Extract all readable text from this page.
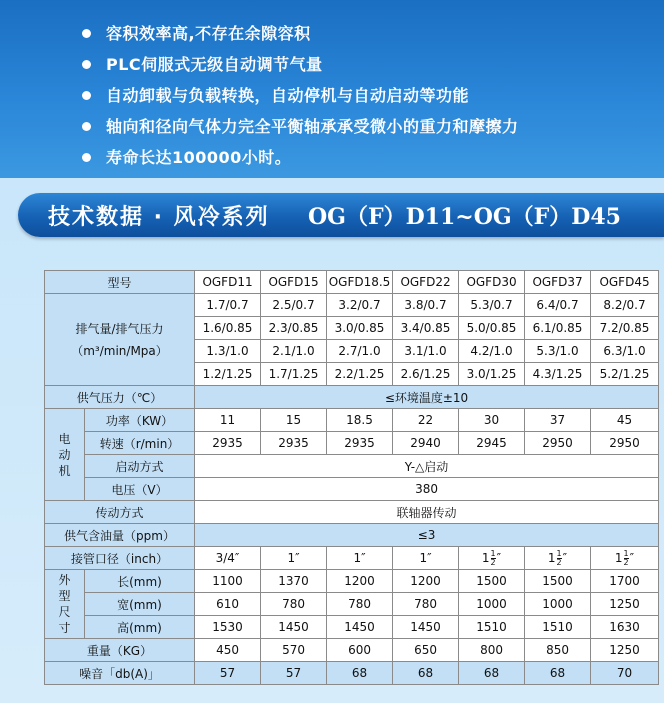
容积效率高,不存在余隙容积
PLC伺服式无级自动调节气量
自动卸载与负载转换，自动停机与自动启动等功能
轴向和径向气体力完全平衡轴承承受微小的重力和摩擦力
寿命长达100000小时。
技术数据 · 风冷系列 OG（F）D11~OG（F）D45
型号		OGFD11	OGFD15	OGFD18.5	OGFD22	OGFD30	OGFD37	OGFD45

排气量/排气压力
（m³/min/Mpa）		1.7/0.7	2.5/0.7	3.2/0.7	3.8/0.7	5.3/0.7	6.4/0.7	8.2/0.7
		1.6/0.85	2.3/0.85	3.0/0.85	3.4/0.85	5.0/0.85	6.1/0.85	7.2/0.85
		1.3/1.0	2.1/1.0	2.7/1.0	3.1/1.0	4.2/1.0	5.3/1.0	6.3/1.0
		1.2/1.25	1.7/1.25	2.2/1.25	2.6/1.25	3.0/1.25	4.3/1.25	5.2/1.25
供气压力（℃）		≤环境温度±10						

电
动
机	功率（KW）	11	15	18.5	22	30	37	45
	转速（r/min）	2935	2935	2935	2940	2945	2950	2950
	启动方式	Y-△启动						
	电压（V）	380						
传动方式		联轴器传动						
供气含油量（ppm）		≤3						
接管口径（inch）		3/4″	1″	1″	1″	$1 \frac{1}{2}$ ″	$1 \frac{1}{2}$ ″	$1 \frac{1}{2}$ ″

外
型
尺
寸	长(mm)	1100	1370	1200	1200	1500	1500	1700
	宽(mm)	610	780	780	780	1000	1000	1250
	高(mm)	1530	1450	1450	1450	1510	1510	1630
重量（KG）		450	570	600	650	800	850	1250
噪音「db(A)」		57	57	68	68	68	68	70
